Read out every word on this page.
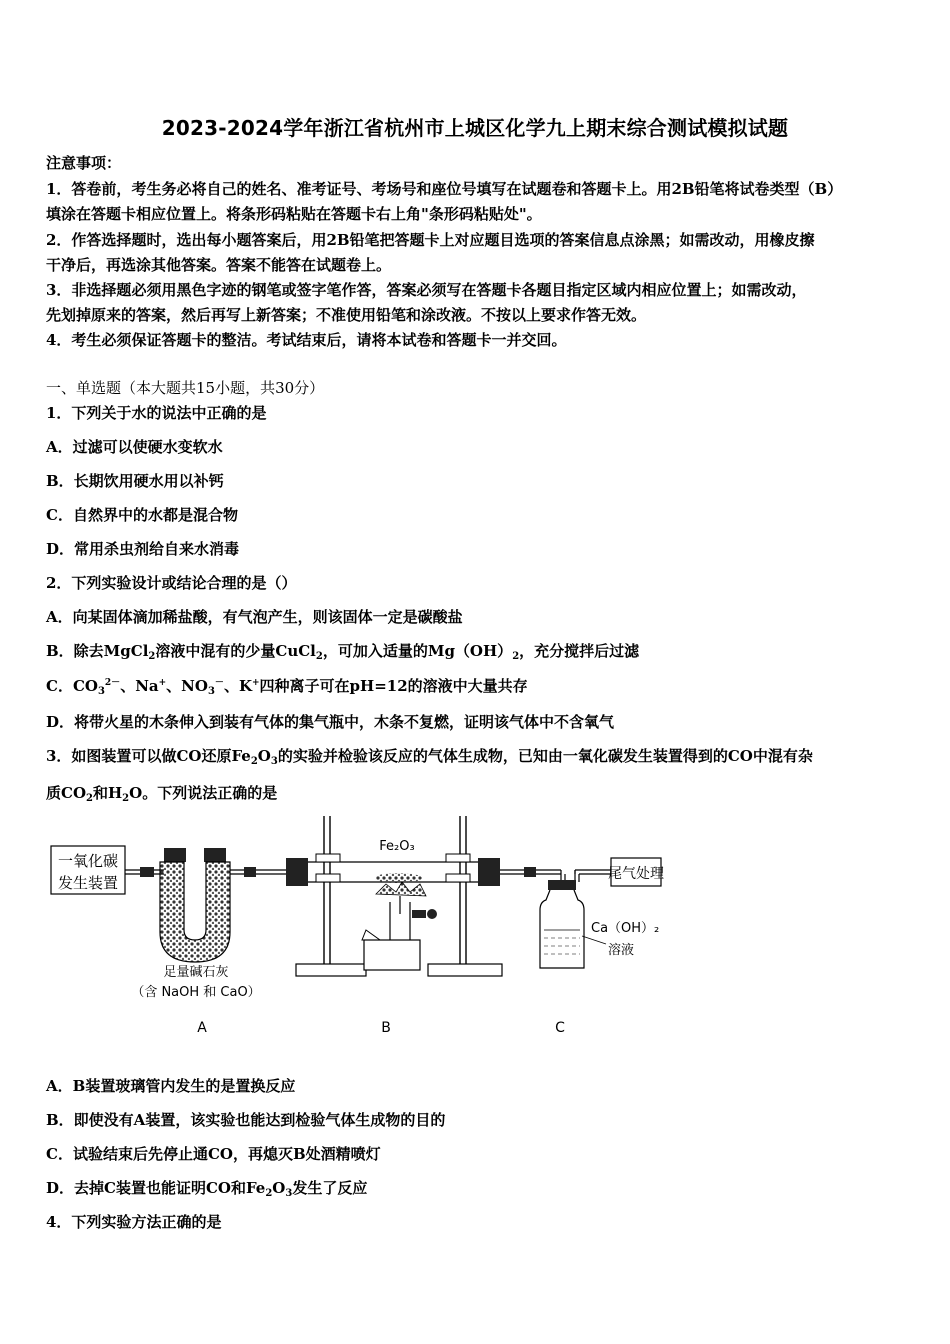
2023-2024学年浙江省杭州市上城区化学九上期末综合测试模拟试题
注意事项：
1．答卷前，考生务必将自己的姓名、准考证号、考场号和座位号填写在试题卷和答题卡上。用2B铅笔将试卷类型（B）
填涂在答题卡相应位置上。将条形码粘贴在答题卡右上角"条形码粘贴处"。
2．作答选择题时，选出每小题答案后，用2B铅笔把答题卡上对应题目选项的答案信息点涂黑；如需改动，用橡皮擦
干净后，再选涂其他答案。答案不能答在试题卷上。
3．非选择题必须用黑色字迹的钢笔或签字笔作答，答案必须写在答题卡各题目指定区域内相应位置上；如需改动，
先划掉原来的答案，然后再写上新答案；不准使用铅笔和涂改液。不按以上要求作答无效。
4．考生必须保证答题卡的整洁。考试结束后，请将本试卷和答题卡一并交回。
一、单选题（本大题共15小题，共30分）
1．下列关于水的说法中正确的是
A．过滤可以使硬水变软水
B．长期饮用硬水用以补钙
C．自然界中的水都是混合物
D．常用杀虫剂给自来水消毒
2．下列实验设计或结论合理的是（）
A．向某固体滴加稀盐酸，有气泡产生，则该固体一定是碳酸盐
B．除去MgCl$_2$溶液中混有的少量CuCl$_2$，可加入适量的$Mg(OH)_2$，充分搅拌后过滤
C．$CO_3^{2-}$、Na+、$NO_3^-$、K+四种离子可在pH=12的溶液中大量共存
D．将带火星的木条伸入到装有气体的集气瓶中，木条不复燃，证明该气体中不含氧气
3．如图装置可以做CO还原$Fe_2O_3$的实验并检验该反应的气体生成物，已知由一氧化碳发生装置得到的CO中混有杂
质$CO_2$和$H_2O$。下列说法正确的是
一氧化碳
发生装置
足量碱石灰
（含 NaOH 和 CaO）
A
Fe₂O₃
B
尾气处理
Ca（OH）₂
溶液
C
A．B装置玻璃管内发生的是置换反应
B．即使没有A装置，该实验也能达到检验气体生成物的目的
C．试验结束后先停止通CO，再熄灭B处酒精喷灯
D．去掉C装置也能证明CO和$Fe_2O_3$发生了反应
4．下列实验方法正确的是
